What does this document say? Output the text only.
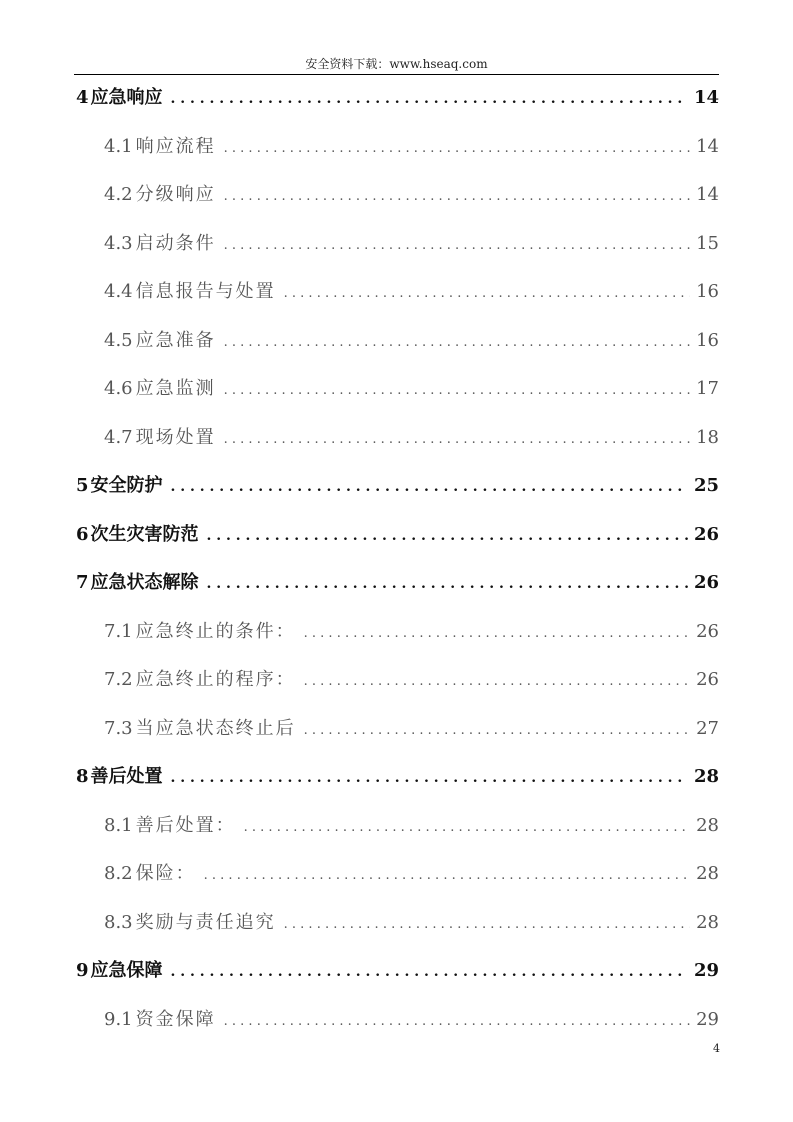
安全资料下载：www.hseaq.com
4 应急响应 . . .	14
4.1 响应流程 . . .	14
4.2 分级响应 . . .	14
4.3 启动条件 . . .	15
4.4 信息报告与处置 . . .	16
4.5 应急准备 . . .	16
4.6 应急监测 . . .	17
4.7 现场处置 . . .	18
5 安全防护 . . .	25
6 次生灾害防范 . . .	26
7 应急状态解除 . . .	26
7.1 应急终止的条件： . . .	26
7.2 应急终止的程序： . . .	26
7.3 当应急状态终止后 . . .	27
8 善后处置 . . .	28
8.1 善后处置： . . .	28
8.2 保险： . . .	28
8.3 奖励与责任追究 . . .	28
9 应急保障 . . .	29
9.1 资金保障 . . .	29
4
